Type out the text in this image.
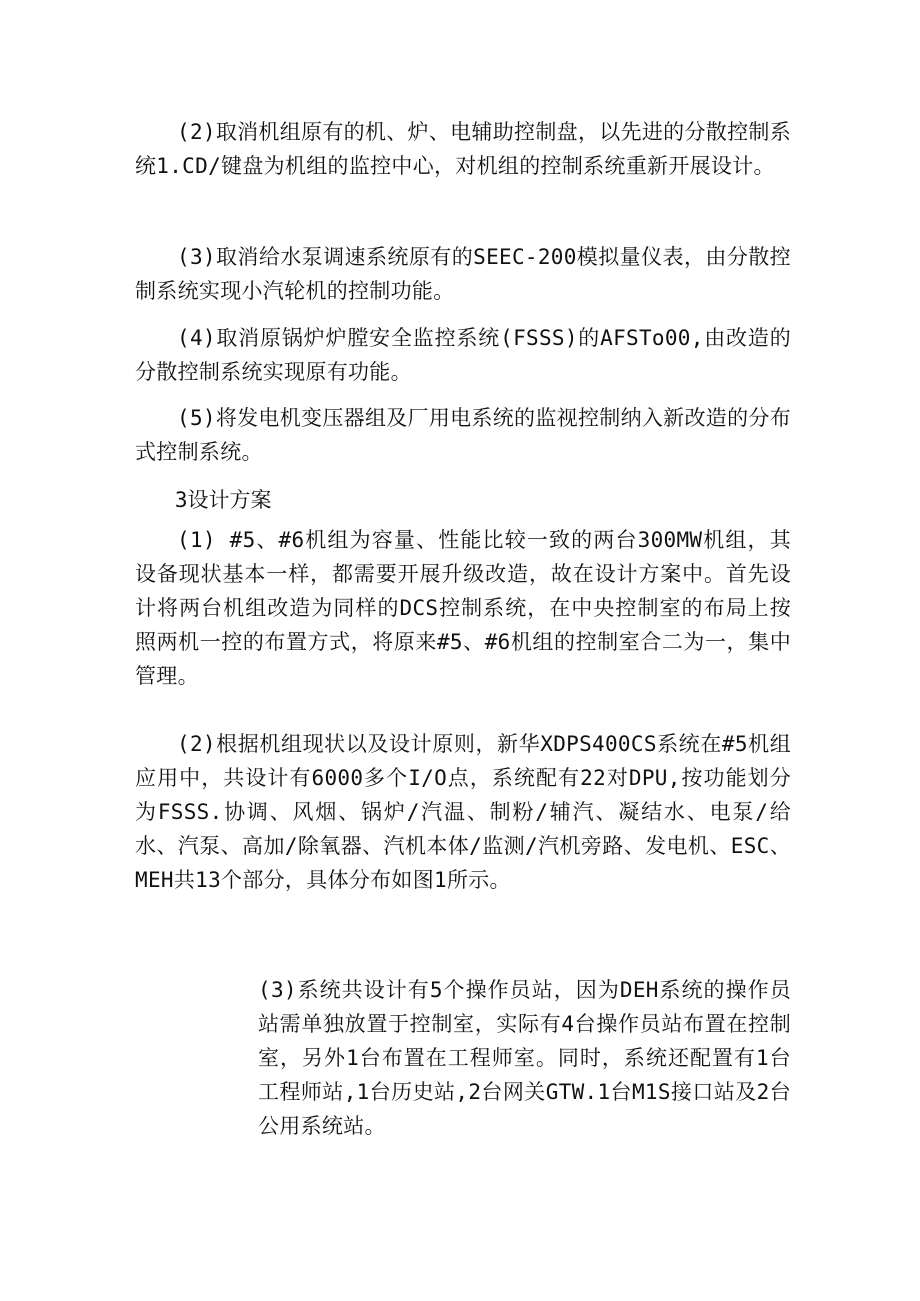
(2)取消机组原有的机、炉、电辅助控制盘，以先进的分散控制系统1.CD/键盘为机组的监控中心，对机组的控制系统重新开展设计。

(3)取消给水泵调速系统原有的SEEC-200模拟量仪表，由分散控制系统实现小汽轮机的控制功能。

(4)取消原锅炉炉膛安全监控系统(FSSS)的AFSTo00,由改造的分散控制系统实现原有功能。

(5)将发电机变压器组及厂用电系统的监视控制纳入新改造的分布式控制系统。

3设计方案

(1) #5、#6机组为容量、性能比较一致的两台300MW机组，其设备现状基本一样，都需要开展升级改造，故在设计方案中。首先设计将两台机组改造为同样的DCS控制系统，在中央控制室的布局上按照两机一控的布置方式，将原来#5、#6机组的控制室合二为一，集中管理。

(2)根据机组现状以及设计原则，新华XDPS400CS系统在#5机组应用中，共设计有6000多个I/O点，系统配有22对DPU,按功能划分为FSSS.协调、风烟、锅炉/汽温、制粉/辅汽、凝结水、电泵/给水、汽泵、高加/除氧器、汽机本体/监测/汽机旁路、发电机、ESC、MEH共13个部分，具体分布如图1所示。

(3)系统共设计有5个操作员站，因为DEH系统的操作员站需单独放置于控制室，实际有4台操作员站布置在控制室，另外1台布置在工程师室。同时，系统还配置有1台工程师站,1台历史站,2台网关GTW.1台M1S接口站及2台公用系统站。
